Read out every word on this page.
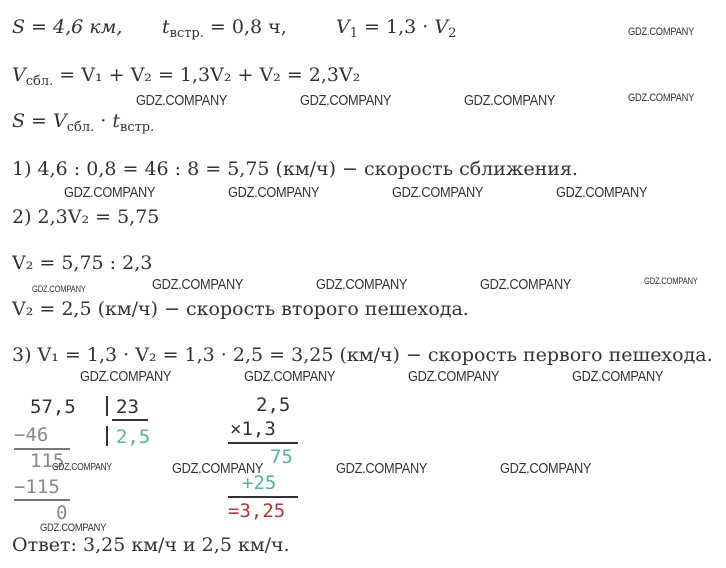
S = 4,6 км, $t_{встр.} = 0,8$ ч,	$V_1 = 1,3 \cdot V_2$
$V_{сбл.} = V_1 + V_2 = 1,3V_2 + V_2 = 2,3V_2$
$S = V_{сбл.} \cdot t_{встр.}$
1) 4,6 : 0,8 = 46 : 8 = 5,75 (км/ч) − скорость сближения.
2) 2,3V₂ = 5,75
V₂ = 5,75 : 2,3
V₂ = 2,5 (км/ч) − скорость второго пешехода.
3) V₁ = 1,3 · V₂ = 1,3 · 2,5 = 3,25 (км/ч) − скорость первого пешехода.
57,5 23
2,5
−46
115
−115
0
2,5
×1,3
75
+25
=3,25
Ответ: 3,25 км/ч и 2,5 км/ч.
GDZ.COMPANY
GDZ.COMPANY	GDZ.COMPANY	GDZ.COMPANY	GDZ.COMPANY
GDZ.COMPANY	GDZ.COMPANY	GDZ.COMPANY	GDZ.COMPANY
GDZ.COMPANY	GDZ.COMPANY	GDZ.COMPANY	GDZ.COMPANY
GDZ.COMPANY
GDZ.COMPANY	GDZ.COMPANY	GDZ.COMPANY	GDZ.COMPANY
GDZ.COMPANY	GDZ.COMPANY	GDZ.COMPANY	GDZ.COMPANY
GDZ.COMPANY
